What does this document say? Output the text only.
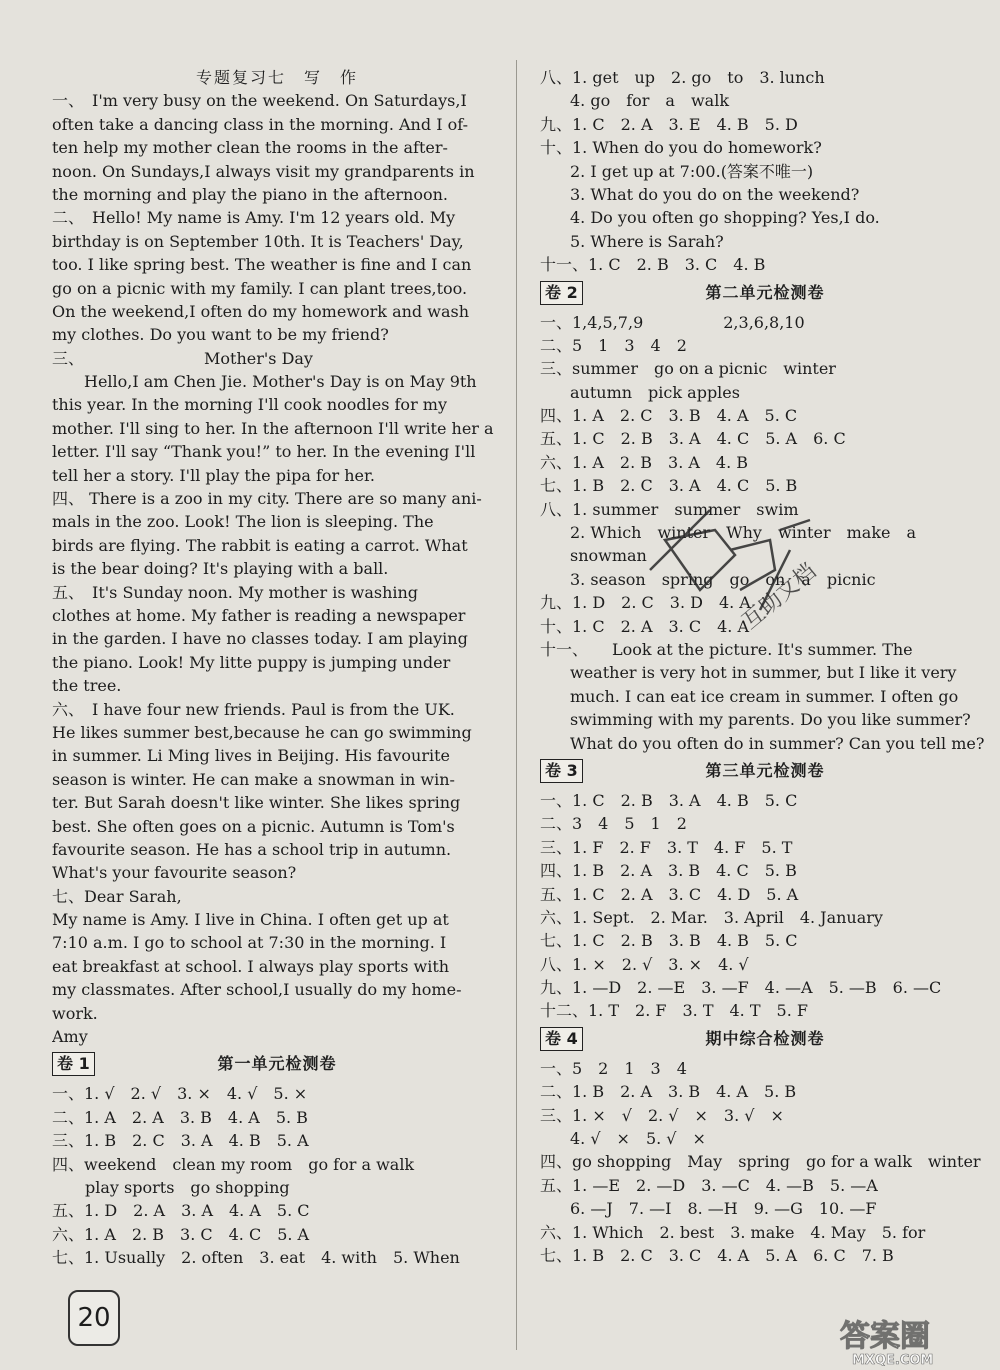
专题复习七　写　作
一、　I'm very busy on the weekend. On Saturdays,I
often take a dancing class in the morning. And I of-
ten help my mother clean the rooms in the after-
noon. On Sundays,I always visit my grandparents in
the morning and play the piano in the afternoon.
二、　Hello! My name is Amy. I'm 12 years old. My
birthday is on September 10th. It is Teachers' Day,
too. I like spring best. The weather is fine and I can
go on a picnic with my family. I can plant trees,too.
On the weekend,I often do my homework and wash
my clothes. Do you want to be my friend?
三、　　　　　　　　Mother's Day
　　Hello,I am Chen Jie. Mother's Day is on May 9th
this year. In the morning I'll cook noodles for my
mother. I'll sing to her. In the afternoon I'll write her a
letter. I'll say “Thank you!” to her. In the evening I'll
tell her a story. I'll play the pipa for her.
四、 There is a zoo in my city. There are so many ani-
mals in the zoo. Look! The lion is sleeping. The
birds are flying. The rabbit is eating a carrot. What
is the bear doing? It's playing with a ball.
五、　It's Sunday noon. My mother is washing
clothes at home. My father is reading a newspaper
in the garden. I have no classes today. I am playing
the piano. Look! My litte puppy is jumping under
the tree.
六、　I have four new friends. Paul is from the UK.
He likes summer best,because he can go swimming
in summer. Li Ming lives in Beijing. His favourite
season is winter. He can make a snowman in win-
ter. But Sarah doesn't like winter. She likes spring
best. She often goes on a picnic. Autumn is Tom's
favourite season. He has a school trip in autumn.
What's your favourite season?
七、Dear Sarah,
My name is Amy. I live in China. I often get up at
7:10 a.m. I go to school at 7:30 in the morning. I
eat breakfast at school. I always play sports with
my classmates. After school,I usually do my home-
work.
Amy
卷 1	第一单元检测卷
一、1. √　2. √　3. ×　4. √　5. ×
二、1. A　2. A　3. B　4. A　5. B
三、1. B　2. C　3. A　4. B　5. A
四、weekend　clean my room　go for a walk
play sports　go shopping
五、1. D　2. A　3. A　4. A　5. C
六、1. A　2. B　3. C　4. C　5. A
七、1. Usually　2. often　3. eat　4. with　5. When
八、1. get　up　2. go　to　3. lunch
4. go　for　a　walk
九、1. C　2. A　3. E　4. B　5. D
十、1. When do you do homework?
2. I get up at 7:00.(答案不唯一)
3. What do you do on the weekend?
4. Do you often go shopping? Yes,I do.
5. Where is Sarah?
十一、1. C　2. B　3. C　4. B
卷 2	第二单元检测卷
一、1,4,5,7,9　　　　　2,3,6,8,10
二、5　1　3　4　2
三、summer　go on a picnic　winter
autumn　pick apples
四、1. A　2. C　3. B　4. A　5. C
五、1. C　2. B　3. A　4. C　5. A　6. C
六、1. A　2. B　3. A　4. B
七、1. B　2. C　3. A　4. C　5. B
八、1. summer　summer　swim
2. Which　winter　Why　winter　make　a
snowman
3. season　spring　go　on　a　picnic
九、1. D　2. C　3. D　4. A
十、1. C　2. A　3. C　4. A
十一、　　Look at the picture. It's summer. The
weather is very hot in summer, but I like it very
much. I can eat ice cream in summer. I often go
swimming with my parents. Do you like summer?
What do you often do in summer? Can you tell me?
卷 3	第三单元检测卷
一、1. C　2. B　3. A　4. B　5. C
二、3　4　5　1　2
三、1. F　2. F　3. T　4. F　5. T
四、1. B　2. A　3. B　4. C　5. B
五、1. C　2. A　3. C　4. D　5. A
六、1. Sept.　2. Mar.　3. April　4. January
七、1. C　2. B　3. B　4. B　5. C
八、1. ×　2. √　3. ×　4. √
九、1. —D　2. —E　3. —F　4. —A　5. —B　6. —C
十二、1. T　2. F　3. T　4. T　5. F
卷 4	期中综合检测卷
一、5　2　1　3　4
二、1. B　2. A　3. B　4. A　5. B
三、1. ×　√　2. √　×　3. √　×
4. √　×　5. √　×
四、go shopping　May　spring　go for a walk　winter
五、1. —E　2. —D　3. —C　4. —B　5. —A
6. —J　7. —I　8. —H　9. —G　10. —F
六、1. Which　2. best　3. make　4. May　5. for
七、1. B　2. C　3. C　4. A　5. A　6. C　7. B
20
互助文档
答案圈
MXQE.COM
